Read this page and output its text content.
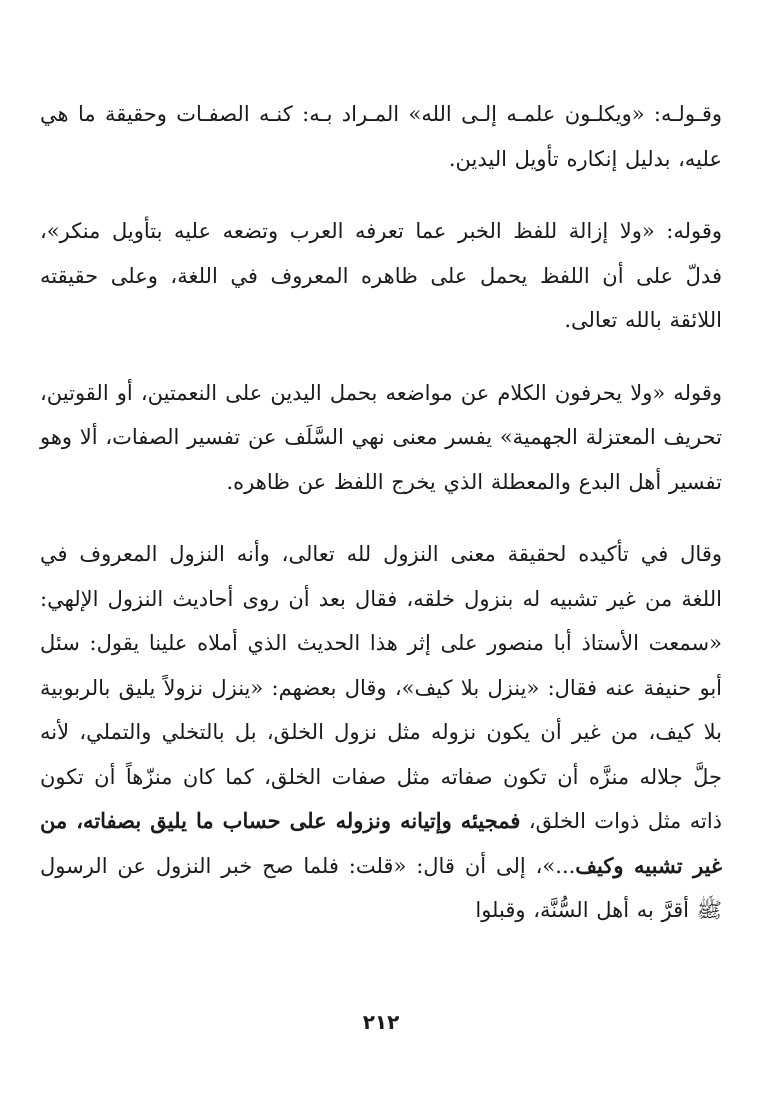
وقـولـه: «ويكلـون علمـه إلـى الله» المـراد بـه: كنـه الصفـات وحقيقة ما هي عليه، بدليل إنكاره تأويل اليدين.

وقوله: «ولا إزالة للفظ الخبر عما تعرفه العرب وتضعه عليه بتأويل منكر»، فدلّ على أن اللفظ يحمل على ظاهره المعروف في اللغة، وعلى حقيقته اللائقة بالله تعالى.

وقوله «ولا يحرفون الكلام عن مواضعه بحمل اليدين على النعمتين، أو القوتين، تحريف المعتزلة الجهمية» يفسر معنى نهي السَّلَف عن تفسير الصفات، ألا وهو تفسير أهل البدع والمعطلة الذي يخرج اللفظ عن ظاهره.

وقال في تأكيده لحقيقة معنى النزول لله تعالى، وأنه النزول المعروف في اللغة من غير تشبيه له بنزول خلقه، فقال بعد أن روى أحاديث النزول الإلهي: «سمعت الأستاذ أبا منصور على إثر هذا الحديث الذي أملاه علينا يقول: سئل أبو حنيفة عنه فقال: «ينزل بلا كيف»، وقال بعضهم: «ينزل نزولاً يليق بالربوبية بلا كيف، من غير أن يكون نزوله مثل نزول الخلق، بل بالتخلي والتملي، لأنه جلَّ جلاله منزَّه أن تكون صفاته مثل صفات الخلق، كما كان منزّهاً أن تكون ذاته مثل ذوات الخلق، فمجيئه وإتيانه ونزوله على حساب ما يليق بصفاته، من غير تشبيه وكيف...»، إلى أن قال: «قلت: فلما صح خبر النزول عن الرسول ﷺ أقرَّ به أهل السُّنَّة، وقبلوا

٢١٢
